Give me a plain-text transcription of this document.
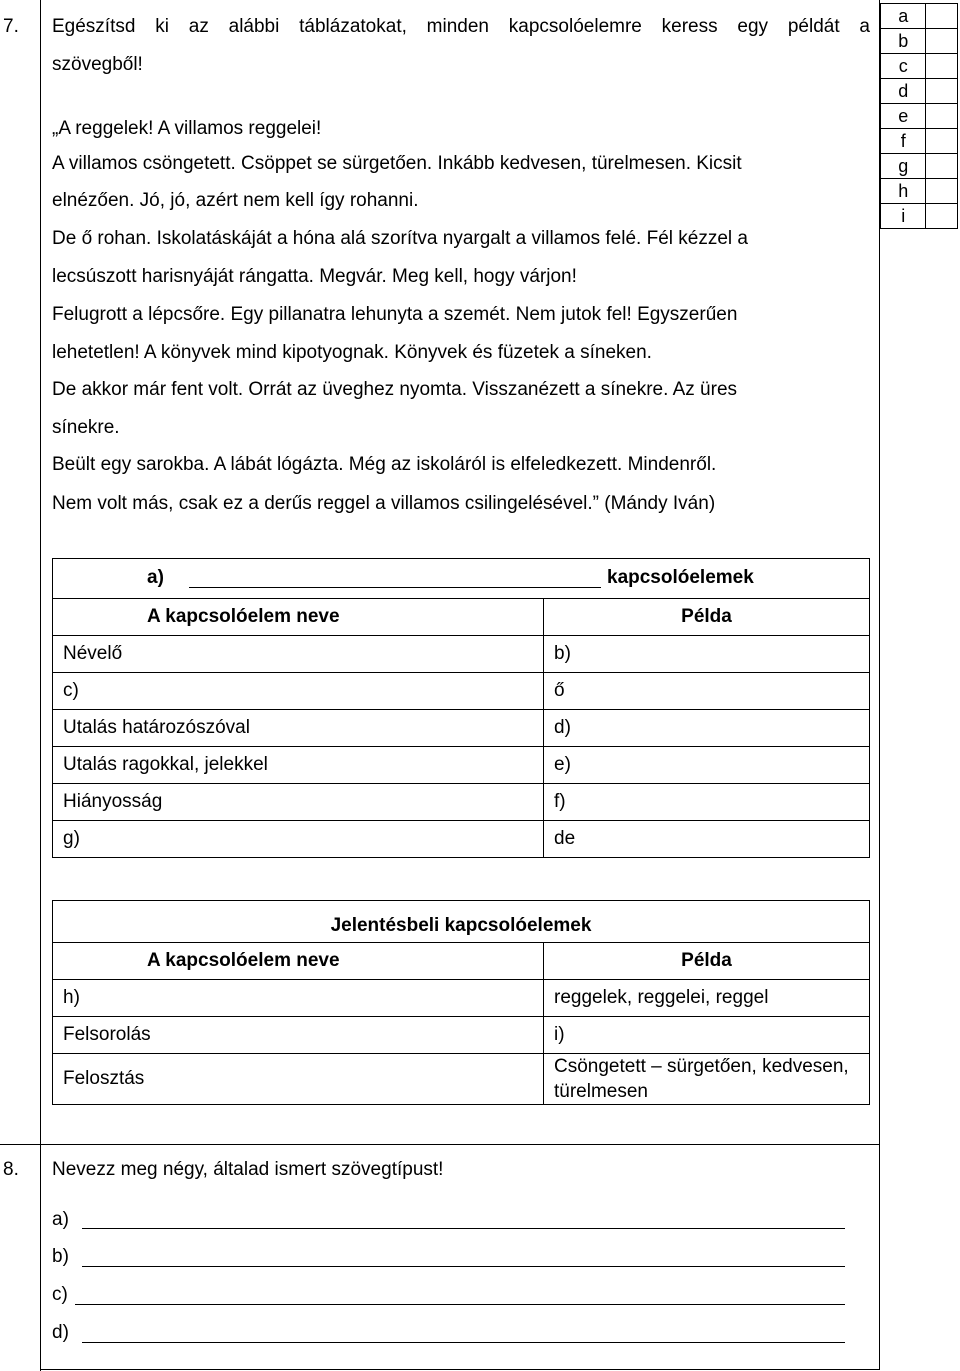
7. Egészítsd ki az alábbi táblázatokat, minden kapcsolóelemre keress egy példát a
szövegből!
„A reggelek! A villamos reggelei!
A villamos csöngetett. Csöppet se sürgetően. Inkább kedvesen, türelmesen. Kicsit
elnézően. Jó, jó, azért nem kell így rohanni.
De ő rohan. Iskolatáskáját a hóna alá szorítva nyargalt a villamos felé. Fél kézzel a
lecsúszott harisnyáját rángatta. Megvár. Meg kell, hogy várjon!
Felugrott a lépcsőre. Egy pillanatra lehunyta a szemét. Nem jutok fel! Egyszerűen
lehetetlen! A könyvek mind kipotyognak. Könyvek és füzetek a síneken.
De akkor már fent volt. Orrát az üveghez nyomta. Visszanézett a sínekre. Az üres
sínekre.
Beült egy sarokba. A lábát lógázta. Még az iskoláról is elfeledkezett. Mindenről.
Nem volt más, csak ez a derűs reggel a villamos csilingelésével.” (Mándy Iván)
a) kapcsolóelemek	

A kapcsolóelem neve	Példa
Névelő	b)
c)	ő
Utalás határozószóval	d)
Utalás ragokkal, jelekkel	e)
Hiányosság	f)
g)	de
Jelentésbeli kapcsolóelemek	
A kapcsolóelem neve	Példa
h)	reggelek, reggelei, reggel
Felsorolás	i)
Felosztás	Csöngetett – sürgetően, kedvesen, türelmesen
a	
b	
c	
d	
e	
f	
g	
h	
i	
8. Nevezz meg négy, általad ismert szövegtípust!
a)
b)
c)
d)
